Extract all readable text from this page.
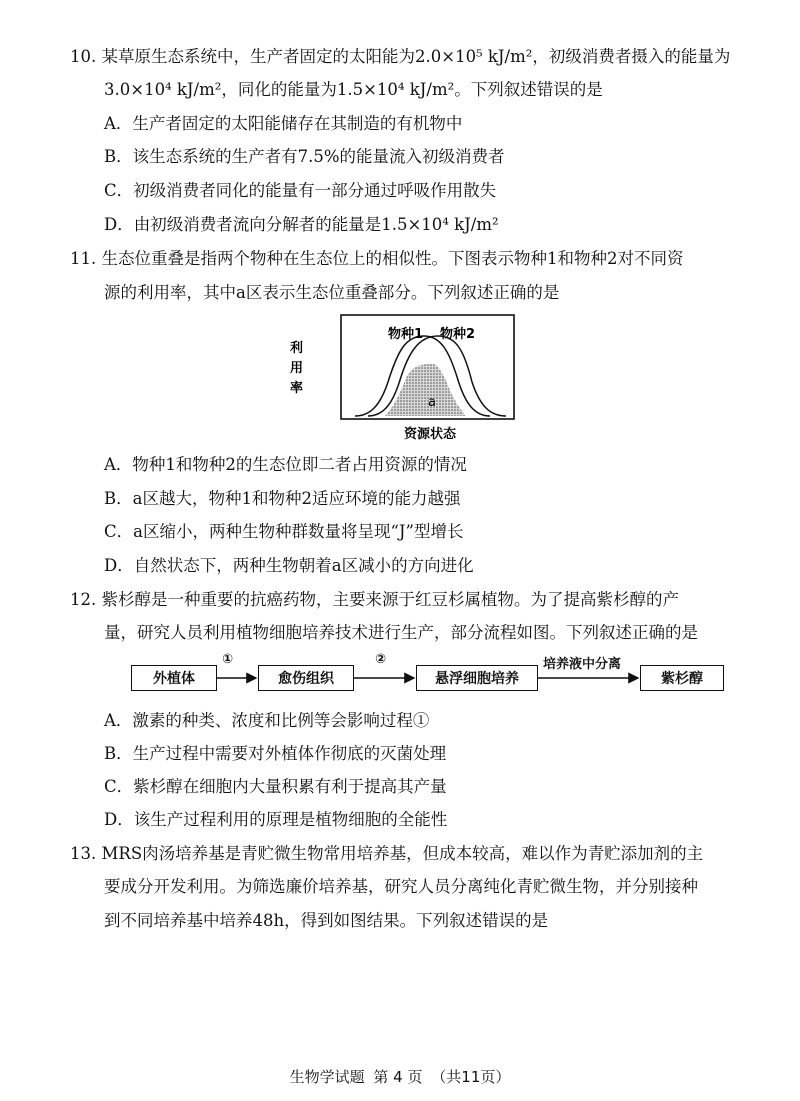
10. 某草原生态系统中，生产者固定的太阳能为2.0×10⁵ kJ/m²，初级消费者摄入的能量为
3.0×10⁴ kJ/m²，同化的能量为1.5×10⁴ kJ/m²。下列叙述错误的是
A．生产者固定的太阳能储存在其制造的有机物中
B．该生态系统的生产者有7.5%的能量流入初级消费者
C．初级消费者同化的能量有一部分通过呼吸作用散失
D．由初级消费者流向分解者的能量是1.5×10⁴ kJ/m²
11. 生态位重叠是指两个物种在生态位上的相似性。下图表示物种1和物种2对不同资
源的利用率，其中a区表示生态位重叠部分。下列叙述正确的是
物种1 物种2
a
利
用
率
资源状态
A．物种1和物种2的生态位即二者占用资源的情况
B．a区越大，物种1和物种2适应环境的能力越强
C．a区缩小，两种生物种群数量将呈现“J”型增长
D．自然状态下，两种生物朝着a区减小的方向进化
12. 紫杉醇是一种重要的抗癌药物，主要来源于红豆杉属植物。为了提高紫杉醇的产
量，研究人员利用植物细胞培养技术进行生产，部分流程如图。下列叙述正确的是
外植体
①
愈伤组织
②
悬浮细胞培养
培养液中分离
紫杉醇
A．激素的种类、浓度和比例等会影响过程①
B．生产过程中需要对外植体作彻底的灭菌处理
C．紫杉醇在细胞内大量积累有利于提高其产量
D．该生产过程利用的原理是植物细胞的全能性
13. MRS肉汤培养基是青贮微生物常用培养基，但成本较高，难以作为青贮添加剂的主
要成分开发利用。为筛选廉价培养基，研究人员分离纯化青贮微生物，并分别接种
到不同培养基中培养48h，得到如图结果。下列叙述错误的是
生物学试题 第 4 页 （共11页）
